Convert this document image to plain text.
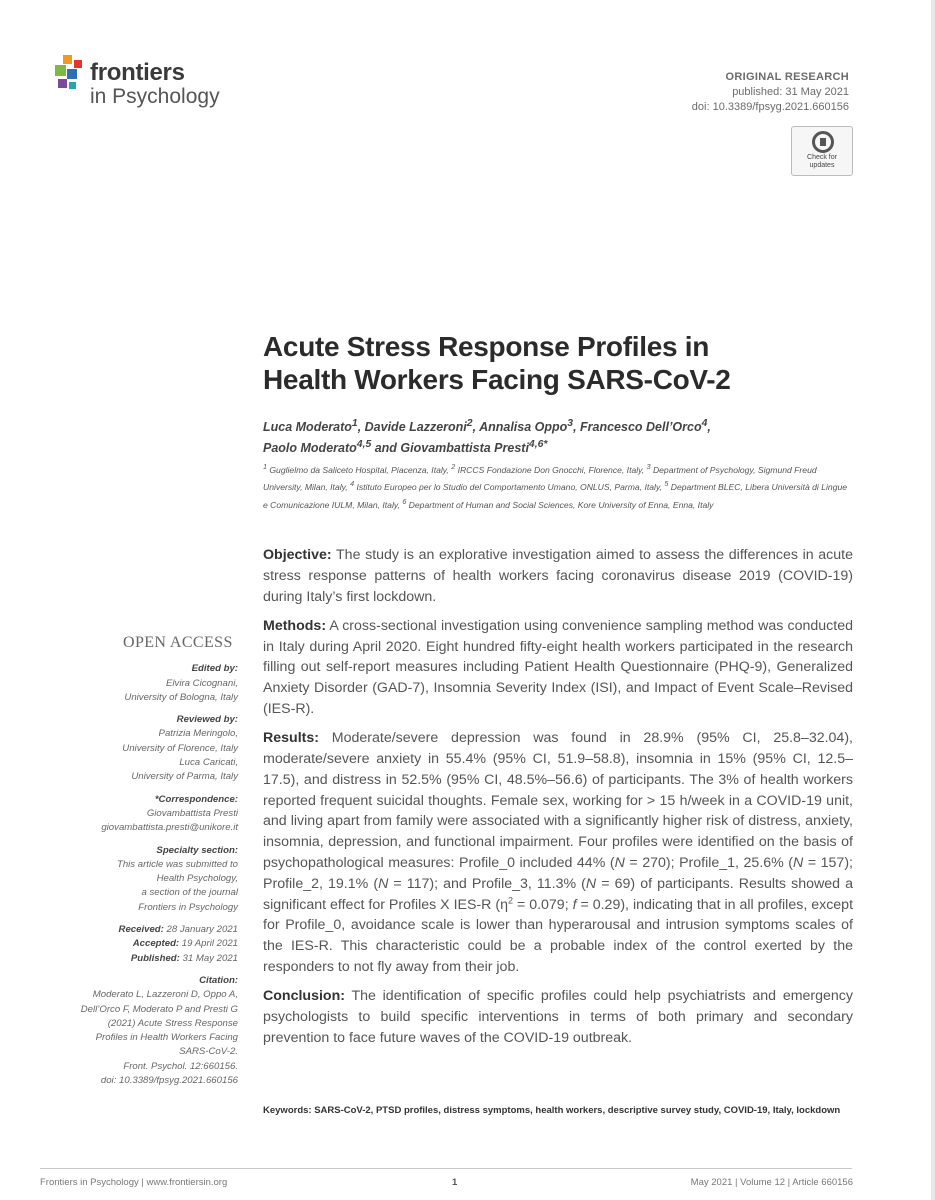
frontiers
in Psychology
ORIGINAL RESEARCH
published: 31 May 2021
doi: 10.3389/fpsyg.2021.660156
Check for
updates
Acute Stress Response Profiles in
Health Workers Facing SARS-CoV-2
Luca Moderato$^1$, Davide Lazzeroni$^2$, Annalisa Oppo$^3$, Francesco Dell’Orco$^4$,
Paolo Moderato$^{4,5}$ and Giovambattista Presti$^{4,6*}$
$^1$ Guglielmo da Saliceto Hospital, Piacenza, Italy, $^2$ IRCCS Fondazione Don Gnocchi, Florence, Italy, $^3$ Department of Psychology, Sigmund Freud University, Milan, Italy, $^4$ Istituto Europeo per lo Studio del Comportamento Umano, ONLUS, Parma, Italy, $^5$ Department BLEC, Libera Università di Lingue e Comunicazione IULM, Milan, Italy, $^6$ Department of Human and Social Sciences, Kore University of Enna, Enna, Italy

Objective: The study is an explorative investigation aimed to assess the differences in acute stress response patterns of health workers facing coronavirus disease 2019 (COVID-19) during Italy’s first lockdown.

Methods: A cross-sectional investigation using convenience sampling method was conducted in Italy during April 2020. Eight hundred fifty-eight health workers participated in the research filling out self-report measures including Patient Health Questionnaire (PHQ-9), Generalized Anxiety Disorder (GAD-7), Insomnia Severity Index (ISI), and Impact of Event Scale–Revised (IES-R).

Results: Moderate/severe depression was found in 28.9% (95% CI, 25.8–32.04), moderate/severe anxiety in 55.4% (95% CI, 51.9–58.8), insomnia in 15% (95% CI, 12.5–17.5), and distress in 52.5% (95% CI, 48.5%–56.6) of participants. The 3% of health workers reported frequent suicidal thoughts. Female sex, working for > 15 h/week in a COVID-19 unit, and living apart from family were associated with a significantly higher risk of distress, anxiety, insomnia, depression, and functional impairment. Four profiles were identified on the basis of psychopathological measures: Profile_0 included 44% (N = 270); Profile_1, 25.6% (N = 157); Profile_2, 19.1% (N = 117); and Profile_3, 11.3% (N = 69) of participants. Results showed a significant effect for Profiles X IES-R ($\eta^2 = 0.079$; f = 0.29), indicating that in all profiles, except for Profile_0, avoidance scale is lower than hyperarousal and intrusion symptoms scales of the IES-R. This characteristic could be a probable index of the control exerted by the responders to not fly away from their job.

Conclusion: The identification of specific profiles could help psychiatrists and emergency psychologists to build specific interventions in terms of both primary and secondary prevention to face future waves of the COVID-19 outbreak.

Keywords: SARS-CoV-2, PTSD profiles, distress symptoms, health workers, descriptive survey study, COVID-19, Italy, lockdown
OPEN ACCESS
Edited by:
Elvira Cicognani,
University of Bologna, Italy
Reviewed by:
Patrizia Meringolo,
University of Florence, Italy
Luca Caricati,
University of Parma, Italy
*Correspondence:
Giovambattista Presti
giovambattista.presti@unikore.it
Specialty section:
This article was submitted to
Health Psychology,
a section of the journal
Frontiers in Psychology
Received: 28 January 2021
Accepted: 19 April 2021
Published: 31 May 2021
Citation:
Moderato L, Lazzeroni D, Oppo A,
Dell’Orco F, Moderato P and Presti G
(2021) Acute Stress Response
Profiles in Health Workers Facing
SARS-CoV-2.
Front. Psychol. 12:660156.
doi: 10.3389/fpsyg.2021.660156
Frontiers in Psychology | www.frontiersin.org	1	May 2021 | Volume 12 | Article 660156
